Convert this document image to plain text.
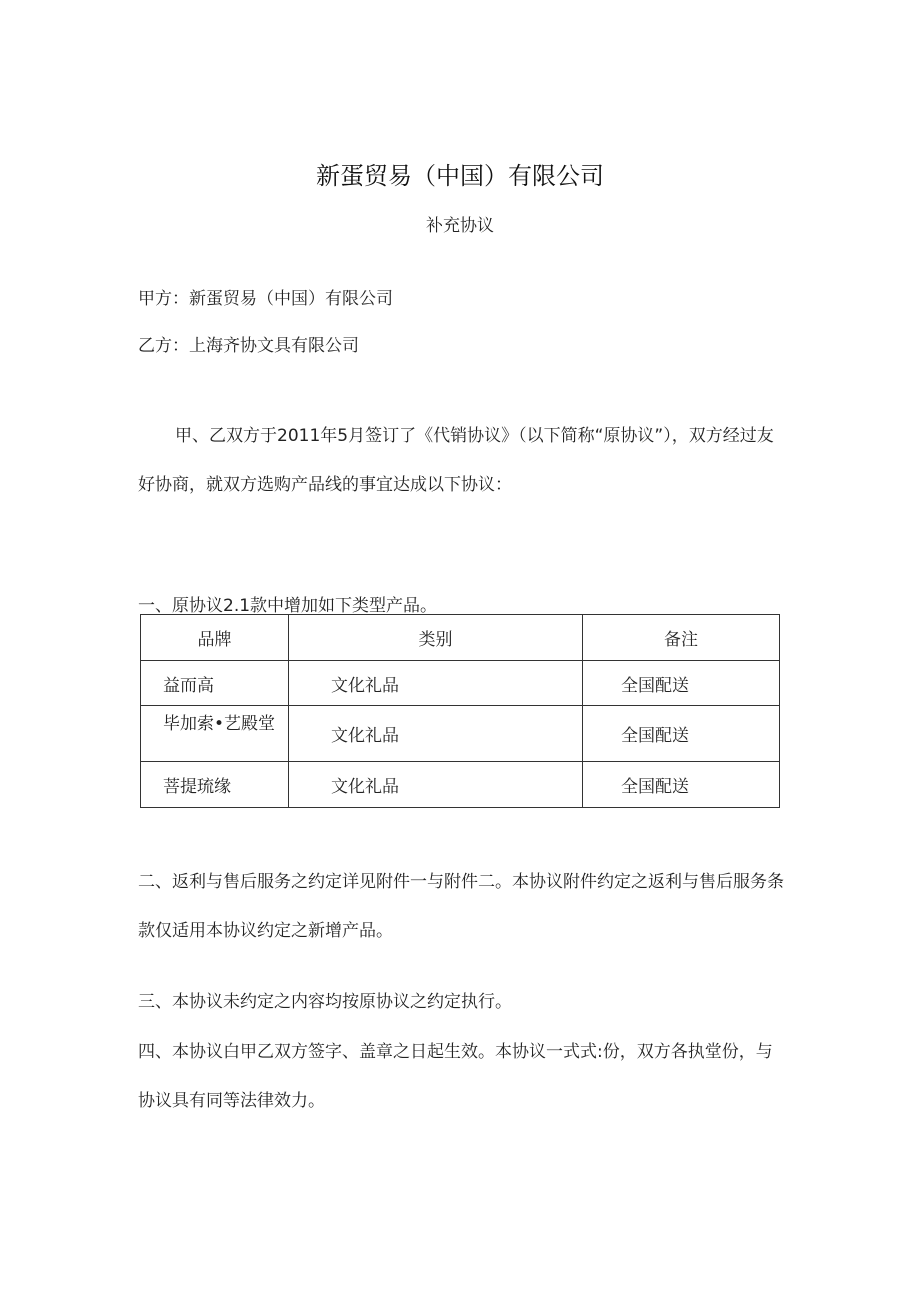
新蛋贸易（中国）有限公司
补充协议
甲方：新蛋贸易（中国）有限公司
乙方：上海齐协文具有限公司
甲、乙双方于2011年5月签订了《代销协议》（以下简称“原协议”），双方经过友好协商，就双方选购产品线的事宜达成以下协议：
一、原协议2.1款中增加如下类型产品。
品牌	类别	备注
益而高	文化礼品	全国配送
毕加索•艺殿堂	文化礼品	全国配送
菩提琉缘	文化礼品	全国配送
二、返利与售后服务之约定详见附件一与附件二。本协议附件约定之返利与售后服务条款仅适用本协议约定之新增产品。
三、本协议未约定之内容均按原协议之约定执行。
四、本协议白甲乙双方签字、盖章之日起生效。本协议一式式:份，双方各执堂份，与协议具有同等法律效力。
